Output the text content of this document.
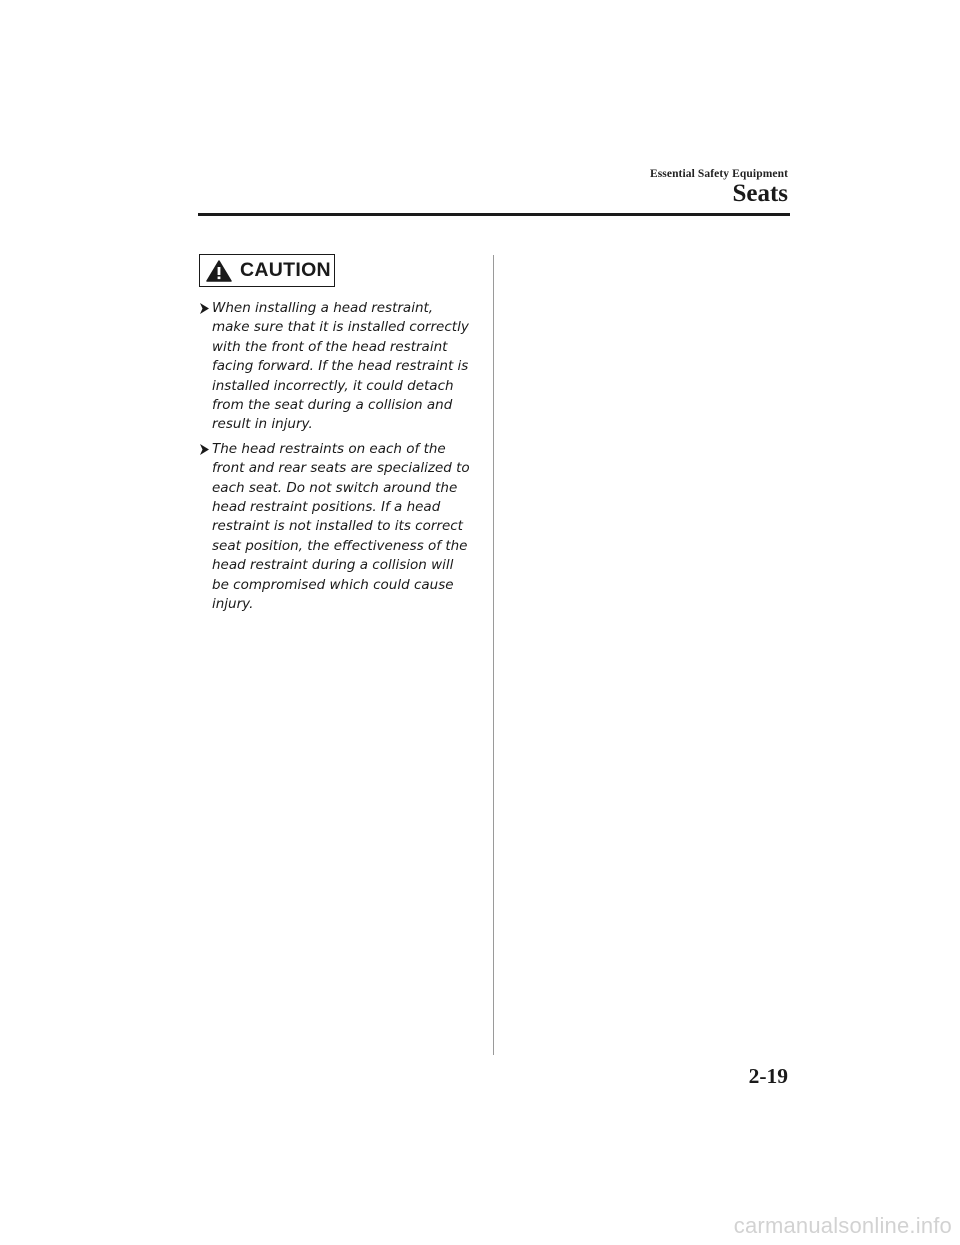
Essential Safety Equipment
Seats
CAUTION
When installing a head restraint, make sure that it is installed correctly with the front of the head restraint facing forward. If the head restraint is installed incorrectly, it could detach from the seat during a collision and result in injury.
The head restraints on each of the front and rear seats are specialized to each seat. Do not switch around the head restraint positions. If a head restraint is not installed to its correct seat position, the effectiveness of the head restraint during a collision will be compromised which could cause injury.
2-19
carmanualsonline.info
